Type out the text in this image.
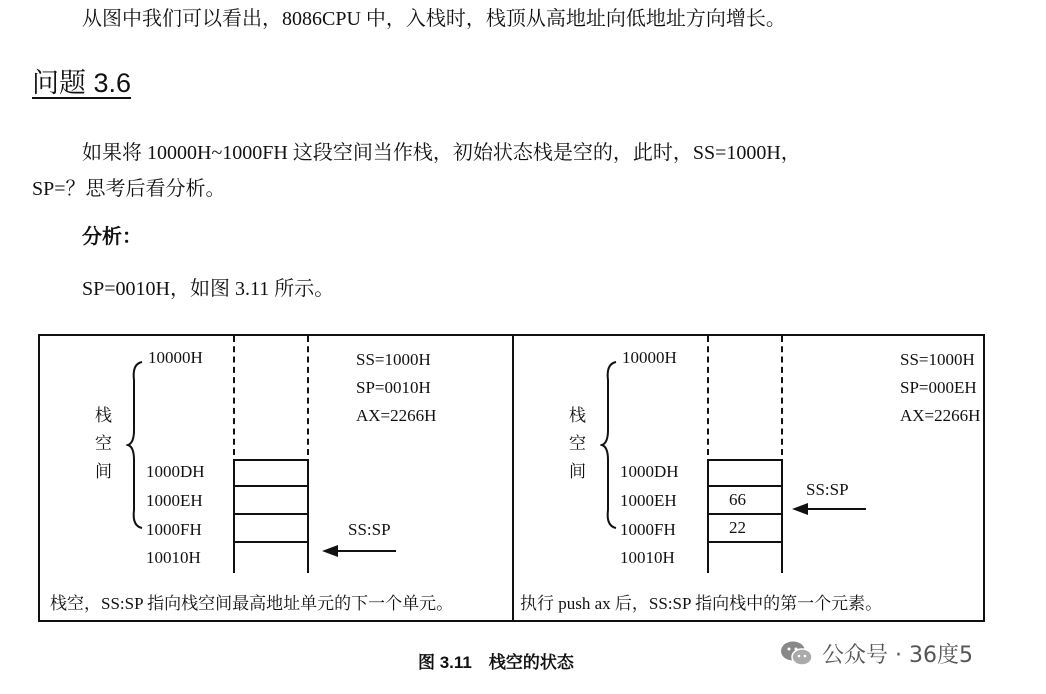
从图中我们可以看出，8086CPU 中，入栈时，栈顶从高地址向低地址方向增长。
问题 3.6
如果将 10000H~1000FH 这段空间当作栈，初始状态栈是空的，此时，SS=1000H，
SP=？思考后看分析。
分析：
SP=0010H，如图 3.11 所示。
10000H
1000DH
1000EH
1000FH
10010H
栈
空
间
SS=1000H
SP=0010H
AX=2266H
SS:SP
栈空，SS:SP 指向栈空间最高地址单元的下一个单元。
10000H
1000DH
1000EH
1000FH
10010H
栈
空
间
66
22
SS=1000H
SP=000EH
AX=2266H
SS:SP
执行 push ax 后，SS:SP 指向栈中的第一个元素。
图 3.11　栈空的状态	公众号 · 36度5
